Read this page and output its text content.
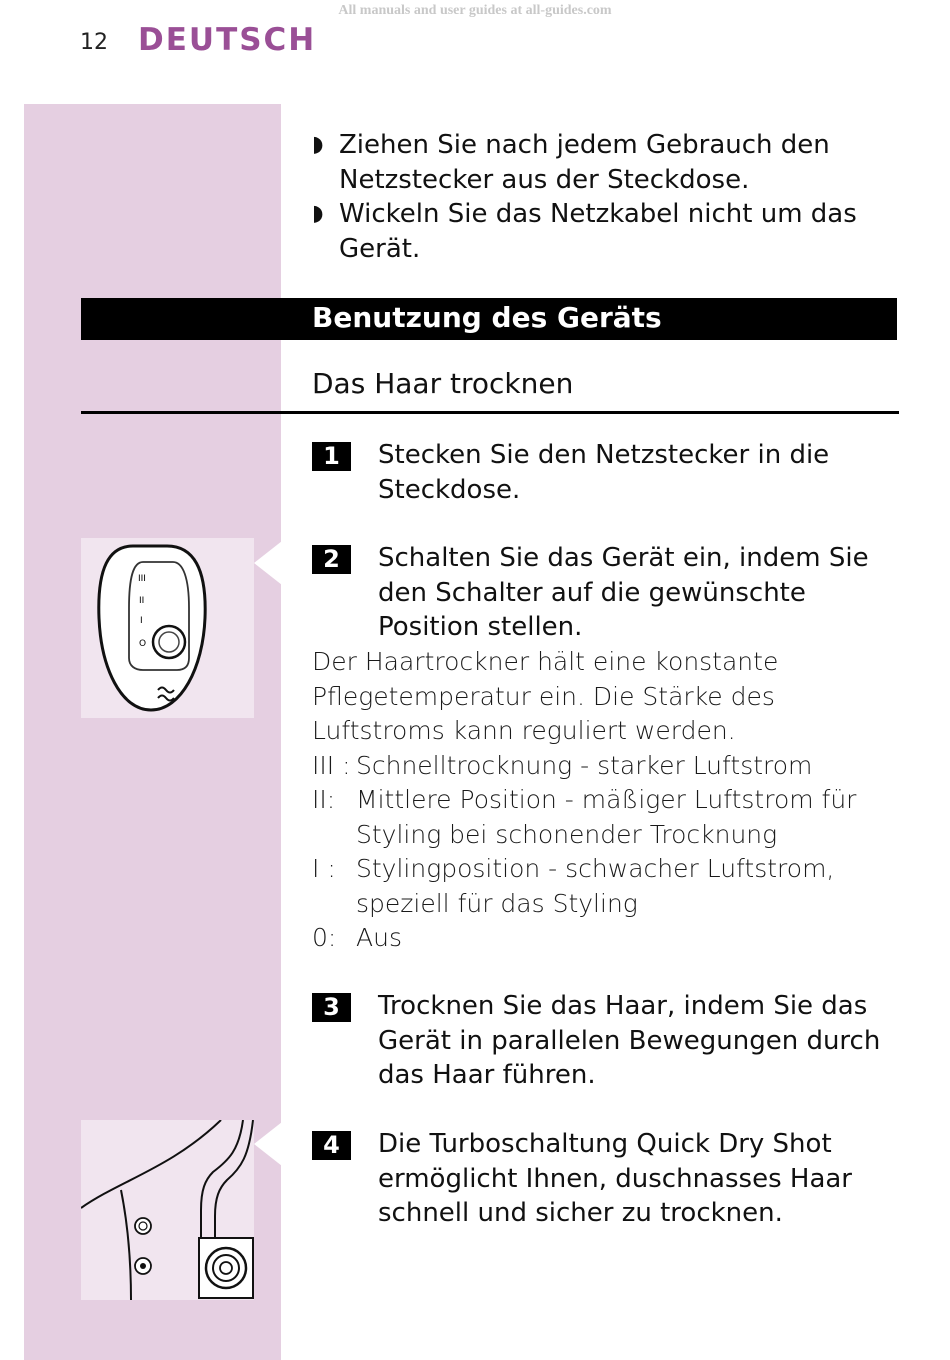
All manuals and user guides at all-guides.com
12 DEUTSCH
III
II
I
O
◗ Ziehen Sie nach jedem Gebrauch den Netzstecker aus der Steckdose.
◗ Wickeln Sie das Netzkabel nicht um das Gerät.
Benutzung des Geräts
Das Haar trocknen
1	Stecken Sie den Netzstecker in die Steckdose.
2	Schalten Sie das Gerät ein, indem Sie den Schalter auf die gewünschte Position stellen.
Der Haartrockner hält eine konstante Pflegetemperatur ein. Die Stärke des Luftstroms kann reguliert werden.
III : Schnelltrocknung - starker Luftstrom
II: Mittlere Position - mäßiger Luftstrom für Styling bei schonender Trocknung
I : Stylingposition - schwacher Luftstrom, speziell für das Styling
0: Aus
3	Trocknen Sie das Haar, indem Sie das Gerät in parallelen Bewegungen durch das Haar führen.
4	Die Turboschaltung Quick Dry Shot ermöglicht Ihnen, duschnasses Haar schnell und sicher zu trocknen.
